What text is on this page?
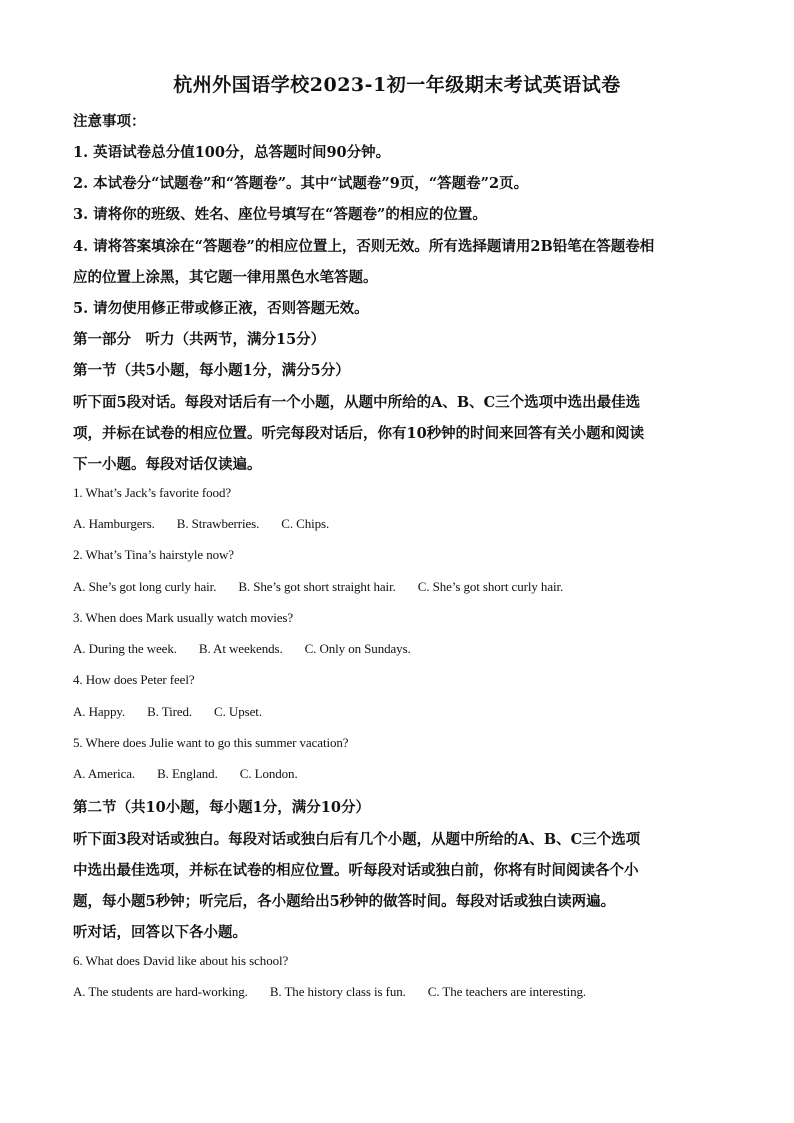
杭州外国语学校2023-1初一年级期末考试英语试卷
注意事项：
1. 英语试卷总分值100分，总答题时间90分钟。
2. 本试卷分“试题卷”和“答题卷”。其中“试题卷”9页，“答题卷”2页。
3. 请将你的班级、姓名、座位号填写在“答题卷”的相应的位置。
4. 请将答案填涂在“答题卷”的相应位置上，否则无效。所有选择题请用2B铅笔在答题卷相
应的位置上涂黑，其它题一律用黑色水笔答题。
5. 请勿使用修正带或修正液，否则答题无效。
第一部分　听力（共两节，满分15分）
第一节（共5小题，每小题1分，满分5分）
听下面5段对话。每段对话后有一个小题，从题中所给的A、B、C三个选项中选出最佳选
项，并标在试卷的相应位置。听完每段对话后，你有10秒钟的时间来回答有关小题和阅读
下一小题。每段对话仅读遍。
1. What’s Jack’s favorite food?
A. Hamburgers. B. Strawberries. C. Chips.
2. What’s Tina’s hairstyle now?
A. She’s got long curly hair. B. She’s got short straight hair. C. She’s got short curly hair.
3. When does Mark usually watch movies?
A. During the week. B. At weekends. C. Only on Sundays.
4. How does Peter feel?
A. Happy. B. Tired. C. Upset.
5. Where does Julie want to go this summer vacation?
A. America. B. England. C. London.
第二节（共10小题，每小题1分，满分10分）
听下面3段对话或独白。每段对话或独白后有几个小题，从题中所给的A、B、C三个选项
中选出最佳选项，并标在试卷的相应位置。听每段对话或独白前，你将有时间阅读各个小
题，每小题5秒钟；听完后，各小题给出5秒钟的做答时间。每段对话或独白读两遍。
听对话，回答以下各小题。
6. What does David like about his school?
A. The students are hard-working. B. The history class is fun. C. The teachers are interesting.
